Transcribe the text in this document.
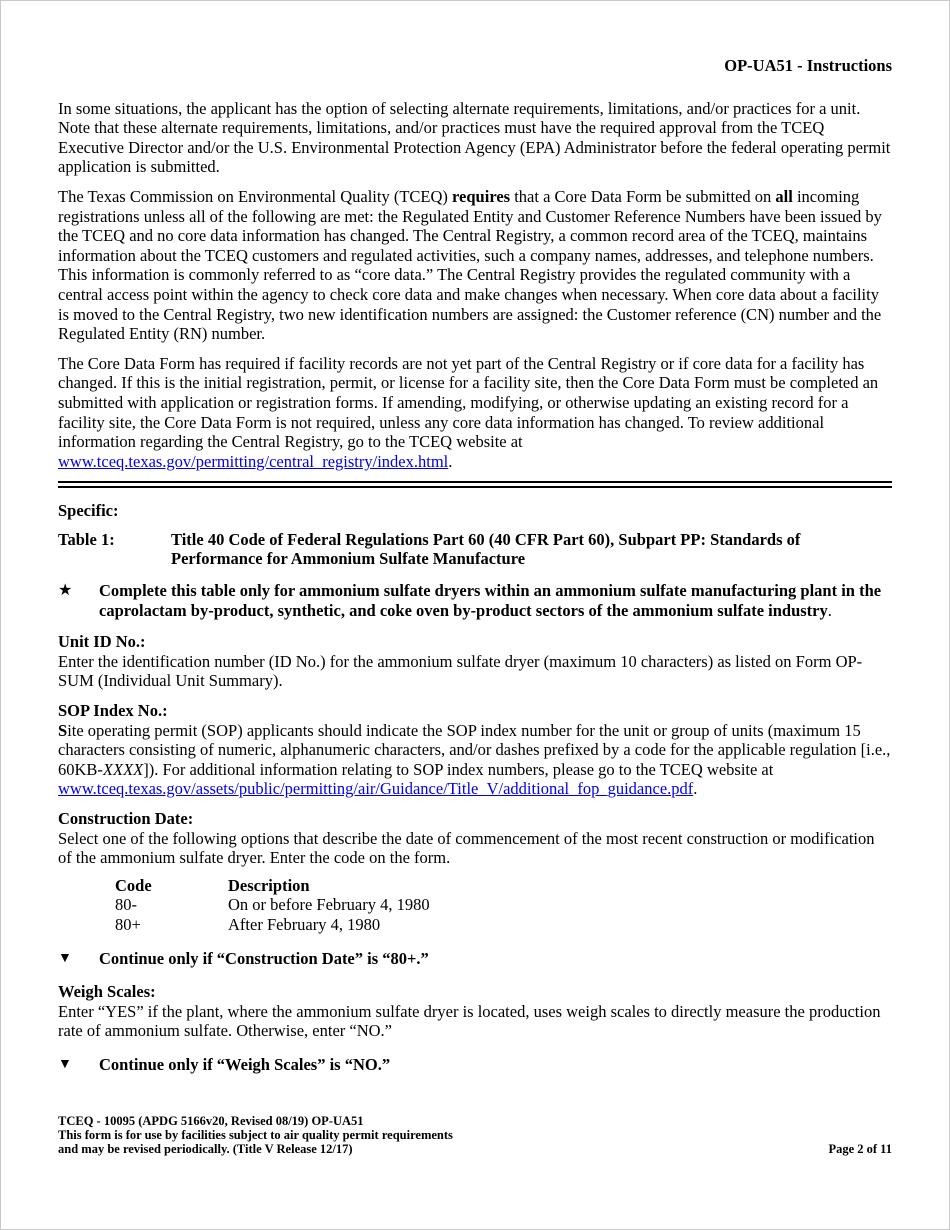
OP-UA51 - Instructions

In some situations, the applicant has the option of selecting alternate requirements, limitations, and/or practices for a unit. Note that these alternate requirements, limitations, and/or practices must have the required approval from the TCEQ Executive Director and/or the U.S. Environmental Protection Agency (EPA) Administrator before the federal operating permit application is submitted.

The Texas Commission on Environmental Quality (TCEQ) requires that a Core Data Form be submitted on all incoming registrations unless all of the following are met: the Regulated Entity and Customer Reference Numbers have been issued by the TCEQ and no core data information has changed. The Central Registry, a common record area of the TCEQ, maintains information about the TCEQ customers and regulated activities, such a company names, addresses, and telephone numbers. This information is commonly referred to as “core data.” The Central Registry provides the regulated community with a central access point within the agency to check core data and make changes when necessary. When core data about a facility is moved to the Central Registry, two new identification numbers are assigned: the Customer reference (CN) number and the Regulated Entity (RN) number.

The Core Data Form has required if facility records are not yet part of the Central Registry or if core data for a facility has changed. If this is the initial registration, permit, or license for a facility site, then the Core Data Form must be completed an submitted with application or registration forms. If amending, modifying, or otherwise updating an existing record for a facility site, the Core Data Form is not required, unless any core data information has changed. To review additional information regarding the Central Registry, go to the TCEQ website at www.tceq.texas.gov/permitting/central_registry/index.html.

Specific:
Table 1:	Title 40 Code of Federal Regulations Part 60 (40 CFR Part 60), Subpart PP: Standards of Performance for Ammonium Sulfate Manufacture
★	Complete this table only for ammonium sulfate dryers within an ammonium sulfate manufacturing plant in the caprolactam by-product, synthetic, and coke oven by-product sectors of the ammonium sulfate industry.
Unit ID No.:

Enter the identification number (ID No.) for the ammonium sulfate dryer (maximum 10 characters) as listed on Form OP-SUM (Individual Unit Summary).

SOP Index No.:

Site operating permit (SOP) applicants should indicate the SOP index number for the unit or group of units (maximum 15 characters consisting of numeric, alphanumeric characters, and/or dashes prefixed by a code for the applicable regulation [i.e., 60KB-XXXX]). For additional information relating to SOP index numbers, please go to the TCEQ website at www.tceq.texas.gov/assets/public/permitting/air/Guidance/Title_V/additional_fop_guidance.pdf.

Construction Date:

Select one of the following options that describe the date of commencement of the most recent construction or modification of the ammonium sulfate dryer. Enter the code on the form.

Code	Description
80-	On or before February 4, 1980
80+	After February 4, 1980
▼	Continue only if “Construction Date” is “80+.”
Weigh Scales:

Enter “YES” if the plant, where the ammonium sulfate dryer is located, uses weigh scales to directly measure the production rate of ammonium sulfate. Otherwise, enter “NO.”

▼	Continue only if “Weigh Scales” is “NO.”
TCEQ - 10095 (APDG 5166v20, Revised 08/19) OP-UA51
This form is for use by facilities subject to air quality permit requirements
and may be revised periodically. (Title V Release 12/17)	Page 2 of 11
